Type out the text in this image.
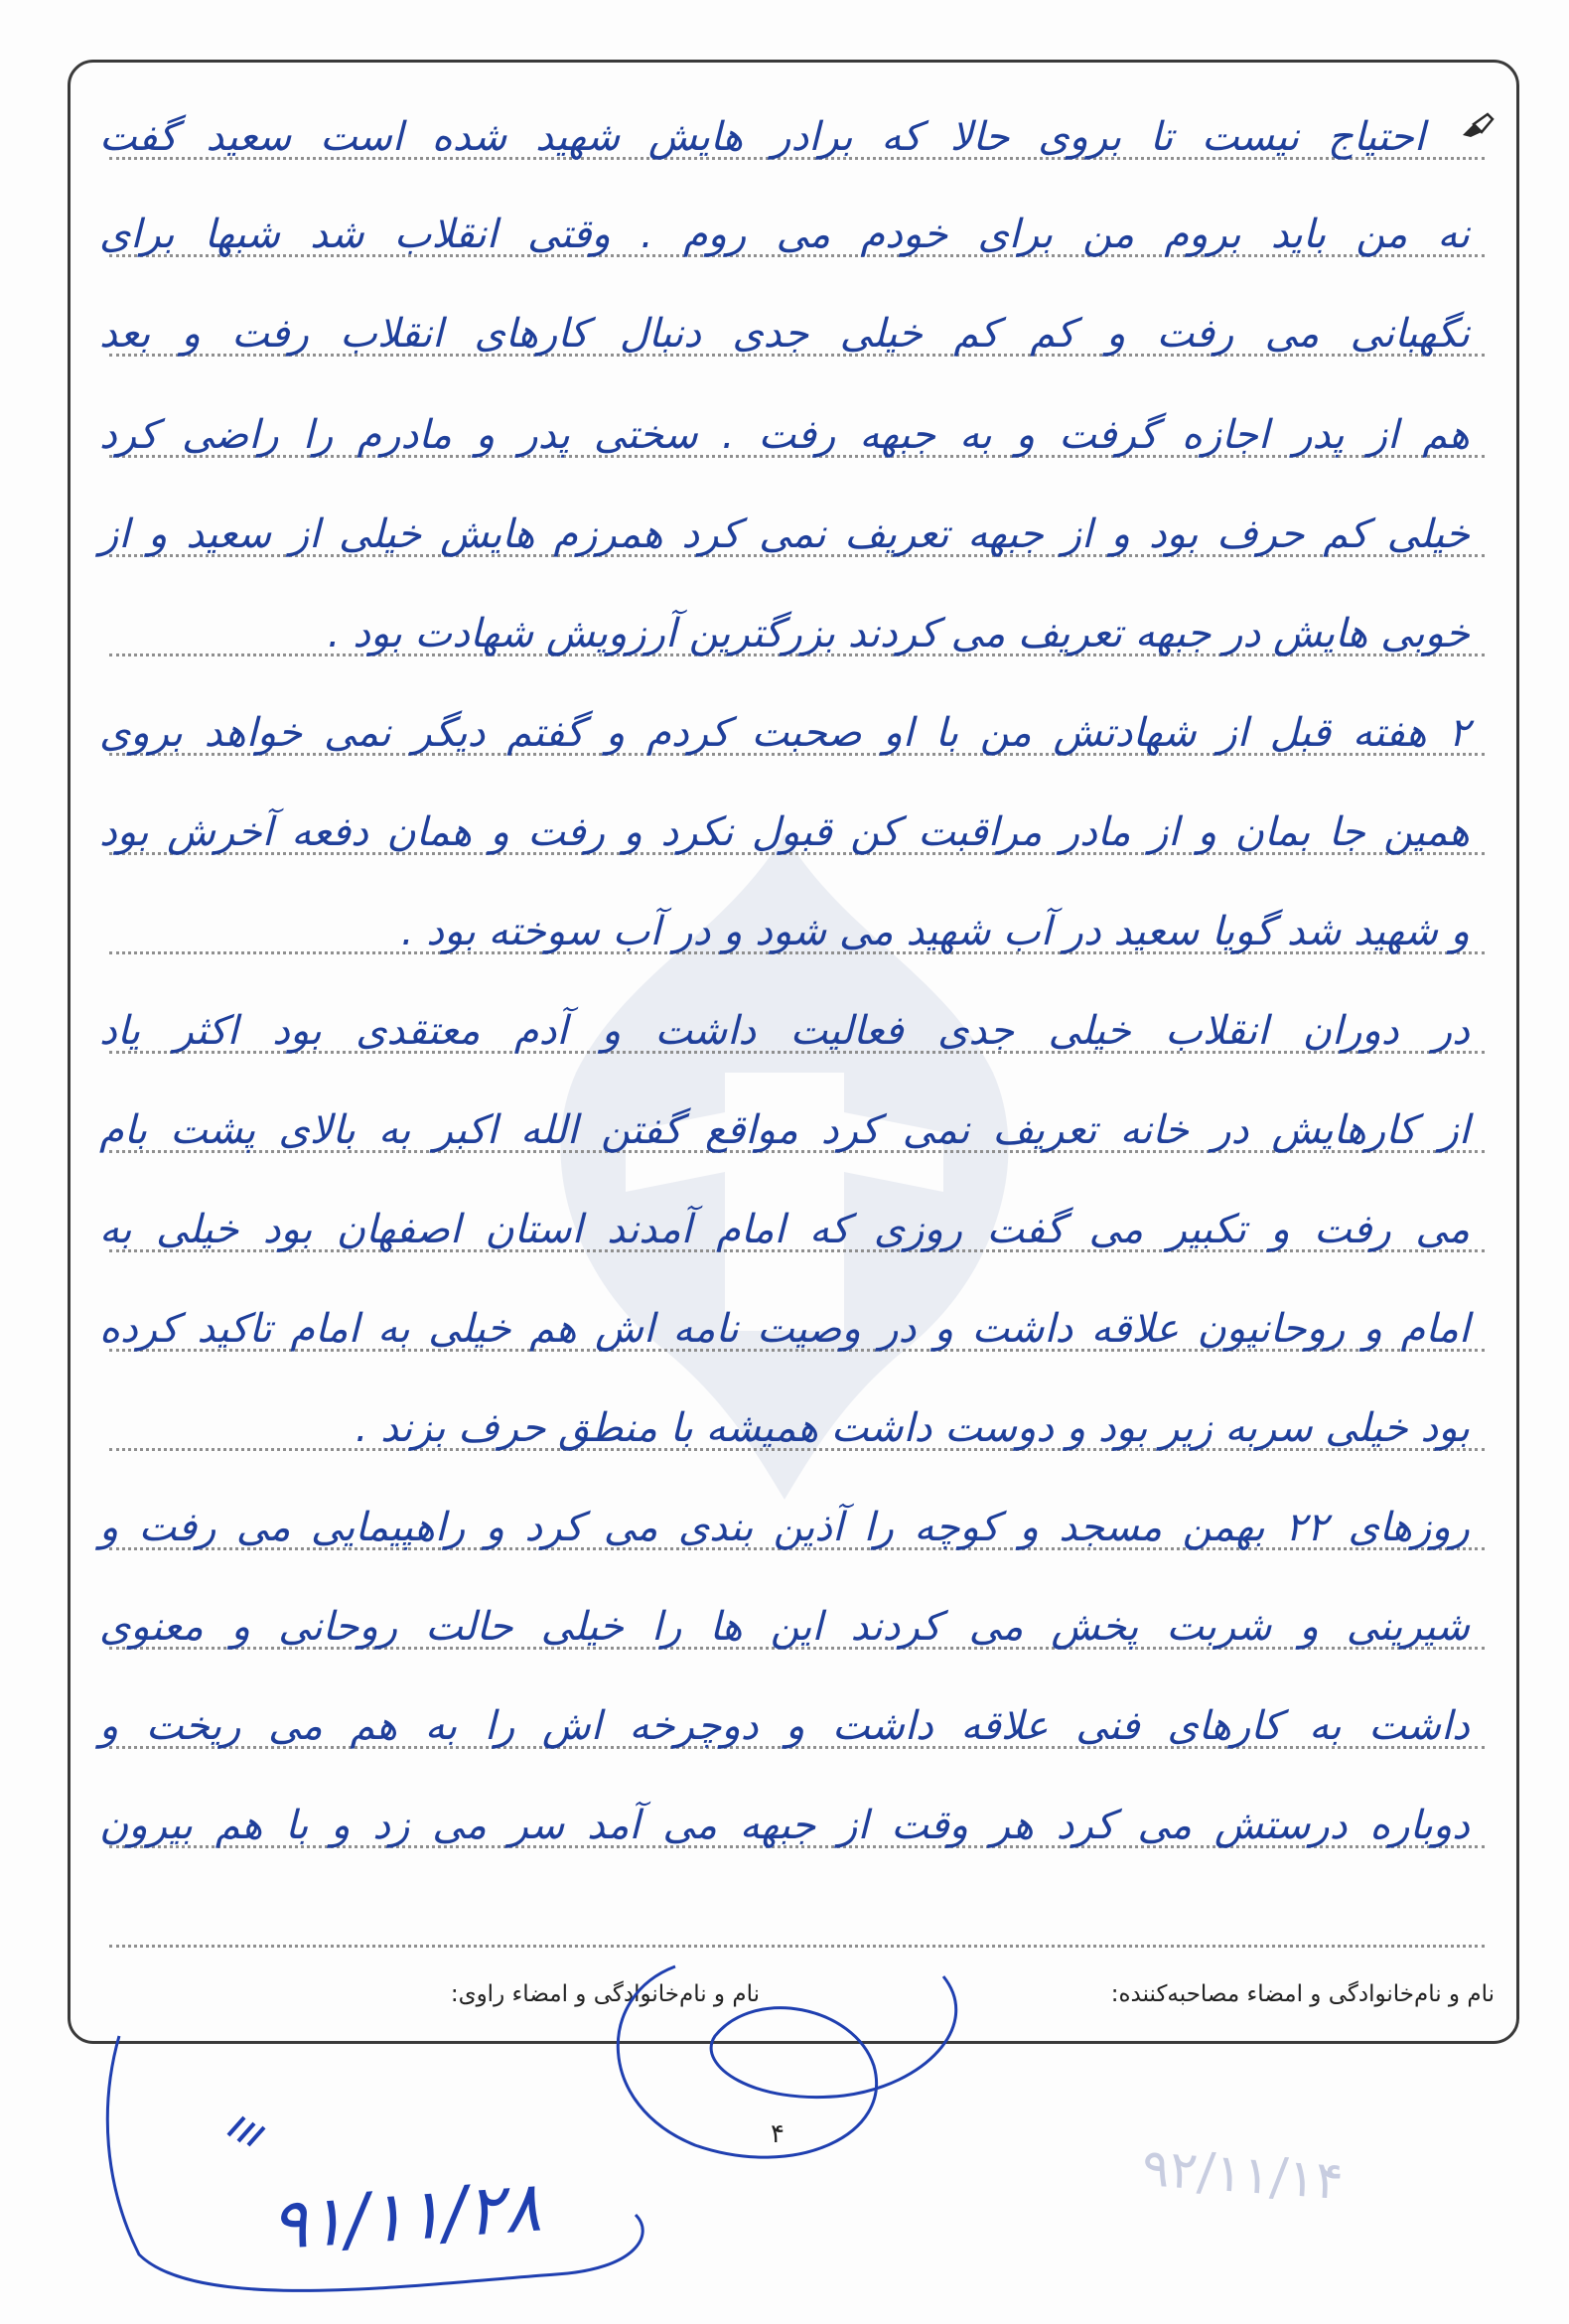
احتیاج نیست تا بروی حالا که برادر هایش شهید شده است سعید گفت
نه من باید بروم من برای خودم می روم . وقتی انقلاب شد شبها برای
نگهبانی می رفت و کم کم خیلی جدی دنبال کارهای انقلاب رفت و بعد
هم از پدر اجازه گرفت و به جبهه رفت . سختی پدر و مادرم را راضی کرد
خیلی کم حرف بود و از جبهه تعریف نمی کرد همرزم هایش خیلی از سعید و از
خوبی هایش در جبهه تعریف می کردند بزرگترین آرزویش شهادت بود .
۲ هفته قبل از شهادتش من با او صحبت کردم و گفتم دیگر نمی خواهد بروی
همین جا بمان و از مادر مراقبت کن قبول نکرد و رفت و همان دفعه آخرش بود
و شهید شد گویا سعید در آب شهید می شود و در آب سوخته بود .
در دوران انقلاب خیلی جدی فعالیت داشت و آدم معتقدی بود اکثر یاد
از کارهایش در خانه تعریف نمی کرد مواقع گفتن الله اکبر به بالای پشت بام
می رفت و تکبیر می گفت روزی که امام آمدند استان اصفهان بود خیلی به
امام و روحانیون علاقه داشت و در وصیت نامه اش هم خیلی به امام تاکید کرده
بود خیلی سربه زیر بود و دوست داشت همیشه با منطق حرف بزند .
روزهای ۲۲ بهمن مسجد و کوچه را آذین بندی می کرد و راهپیمایی می رفت و
شیرینی و شربت پخش می کردند این ها را خیلی حالت روحانی و معنوی
داشت به کارهای فنی علاقه داشت و دوچرخه اش را به هم می ریخت و
دوباره درستش می کرد هر وقت از جبهه می آمد سر می زد و با هم بیرون
نام و نام‌خانوادگی و امضاء مصاحبه‌کننده:
نام و نام‌خانوادگی و امضاء راوی:
۹۱/۱۱/۲۸	۹۲/۱۱/۱۴
۴
